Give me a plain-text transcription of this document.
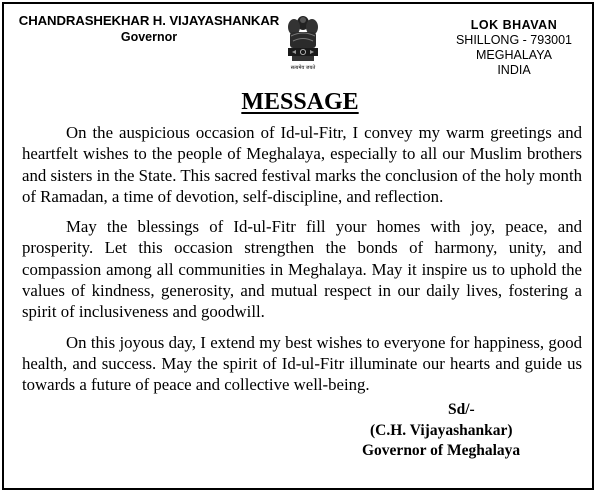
CHANDRASHEKHAR H. VIJAYASHANKAR
Governor
सत्यमेव जयते
LOK BHAVAN
SHILLONG - 793001
MEGHALAYA
INDIA
MESSAGE

On the auspicious occasion of Id-ul-Fitr, I convey my warm greetings and heartfelt wishes to the people of Meghalaya, especially to all our Muslim brothers and sisters in the State. This sacred festival marks the conclusion of the holy month of Ramadan, a time of devotion, self-discipline, and reflection.

May the blessings of Id-ul-Fitr fill your homes with joy, peace, and prosperity. Let this occasion strengthen the bonds of harmony, unity, and compassion among all communities in Meghalaya. May it inspire us to uphold the values of kindness, generosity, and mutual respect in our daily lives, fostering a spirit of inclusiveness and goodwill.

On this joyous day, I extend my best wishes to everyone for happiness, good health, and success. May the spirit of Id-ul-Fitr illuminate our hearts and guide us towards a future of peace and collective well-being.

Sd/-
(C.H. Vijayashankar)
Governor of Meghalaya
